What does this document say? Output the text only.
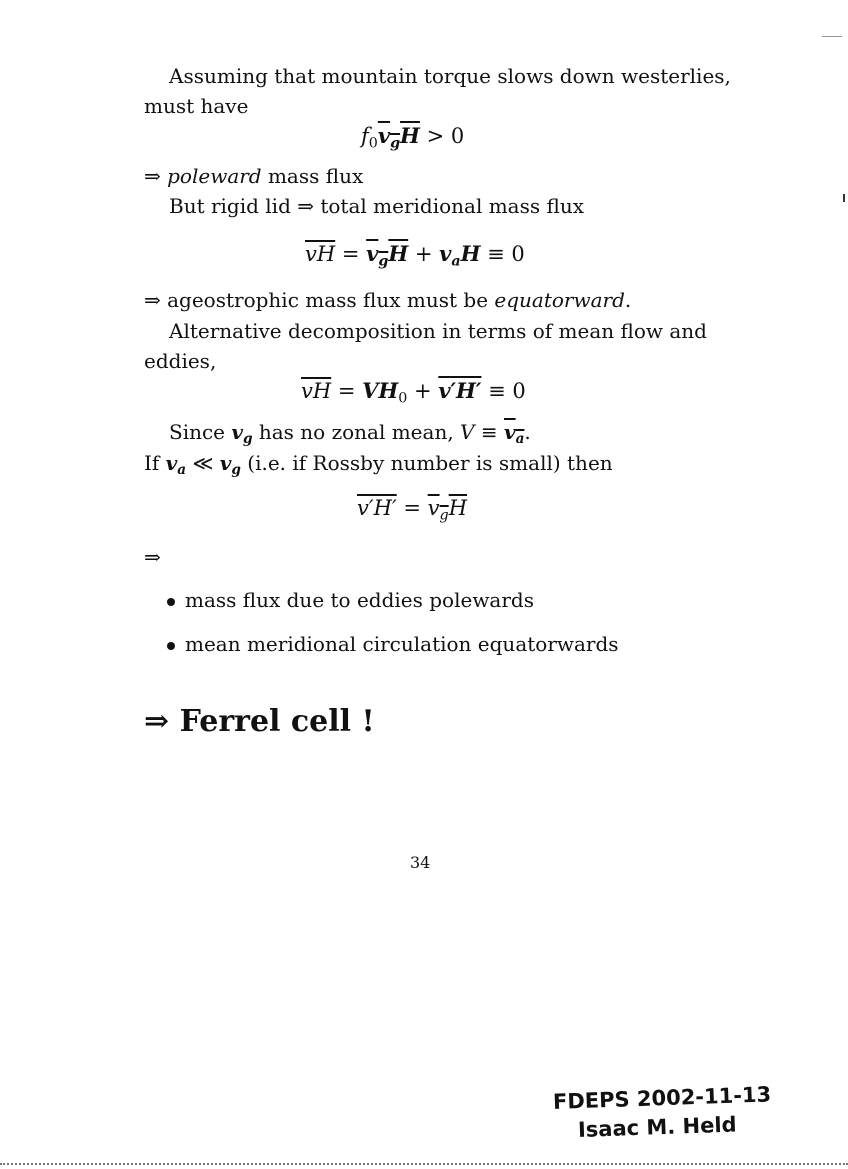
Assuming that mountain torque slows down westerlies,
must have
$f_0v_gH > 0$
⇒ poleward mass flux
But rigid lid ⇒ total meridional mass flux
$\overline{vH} = v_gH + v_aH \equiv 0$
⇒ ageostrophic mass flux must be equatorward.
Alternative decomposition in terms of mean flow and
eddies,
$\overline{vH} = VH_0 + v'H' \equiv 0$
Since $v_g$ has no zonal mean, $V \equiv v_a$.
If $v_a$ ≪ $v_g$ (i.e. if Rossby number is small) then
$v'H' = v_gH$
⇒
mass flux due to eddies polewards
mean meridional circulation equatorwards
⇒ Ferrel cell !
34
FDEPS 2002-11-13
Isaac M. Held
